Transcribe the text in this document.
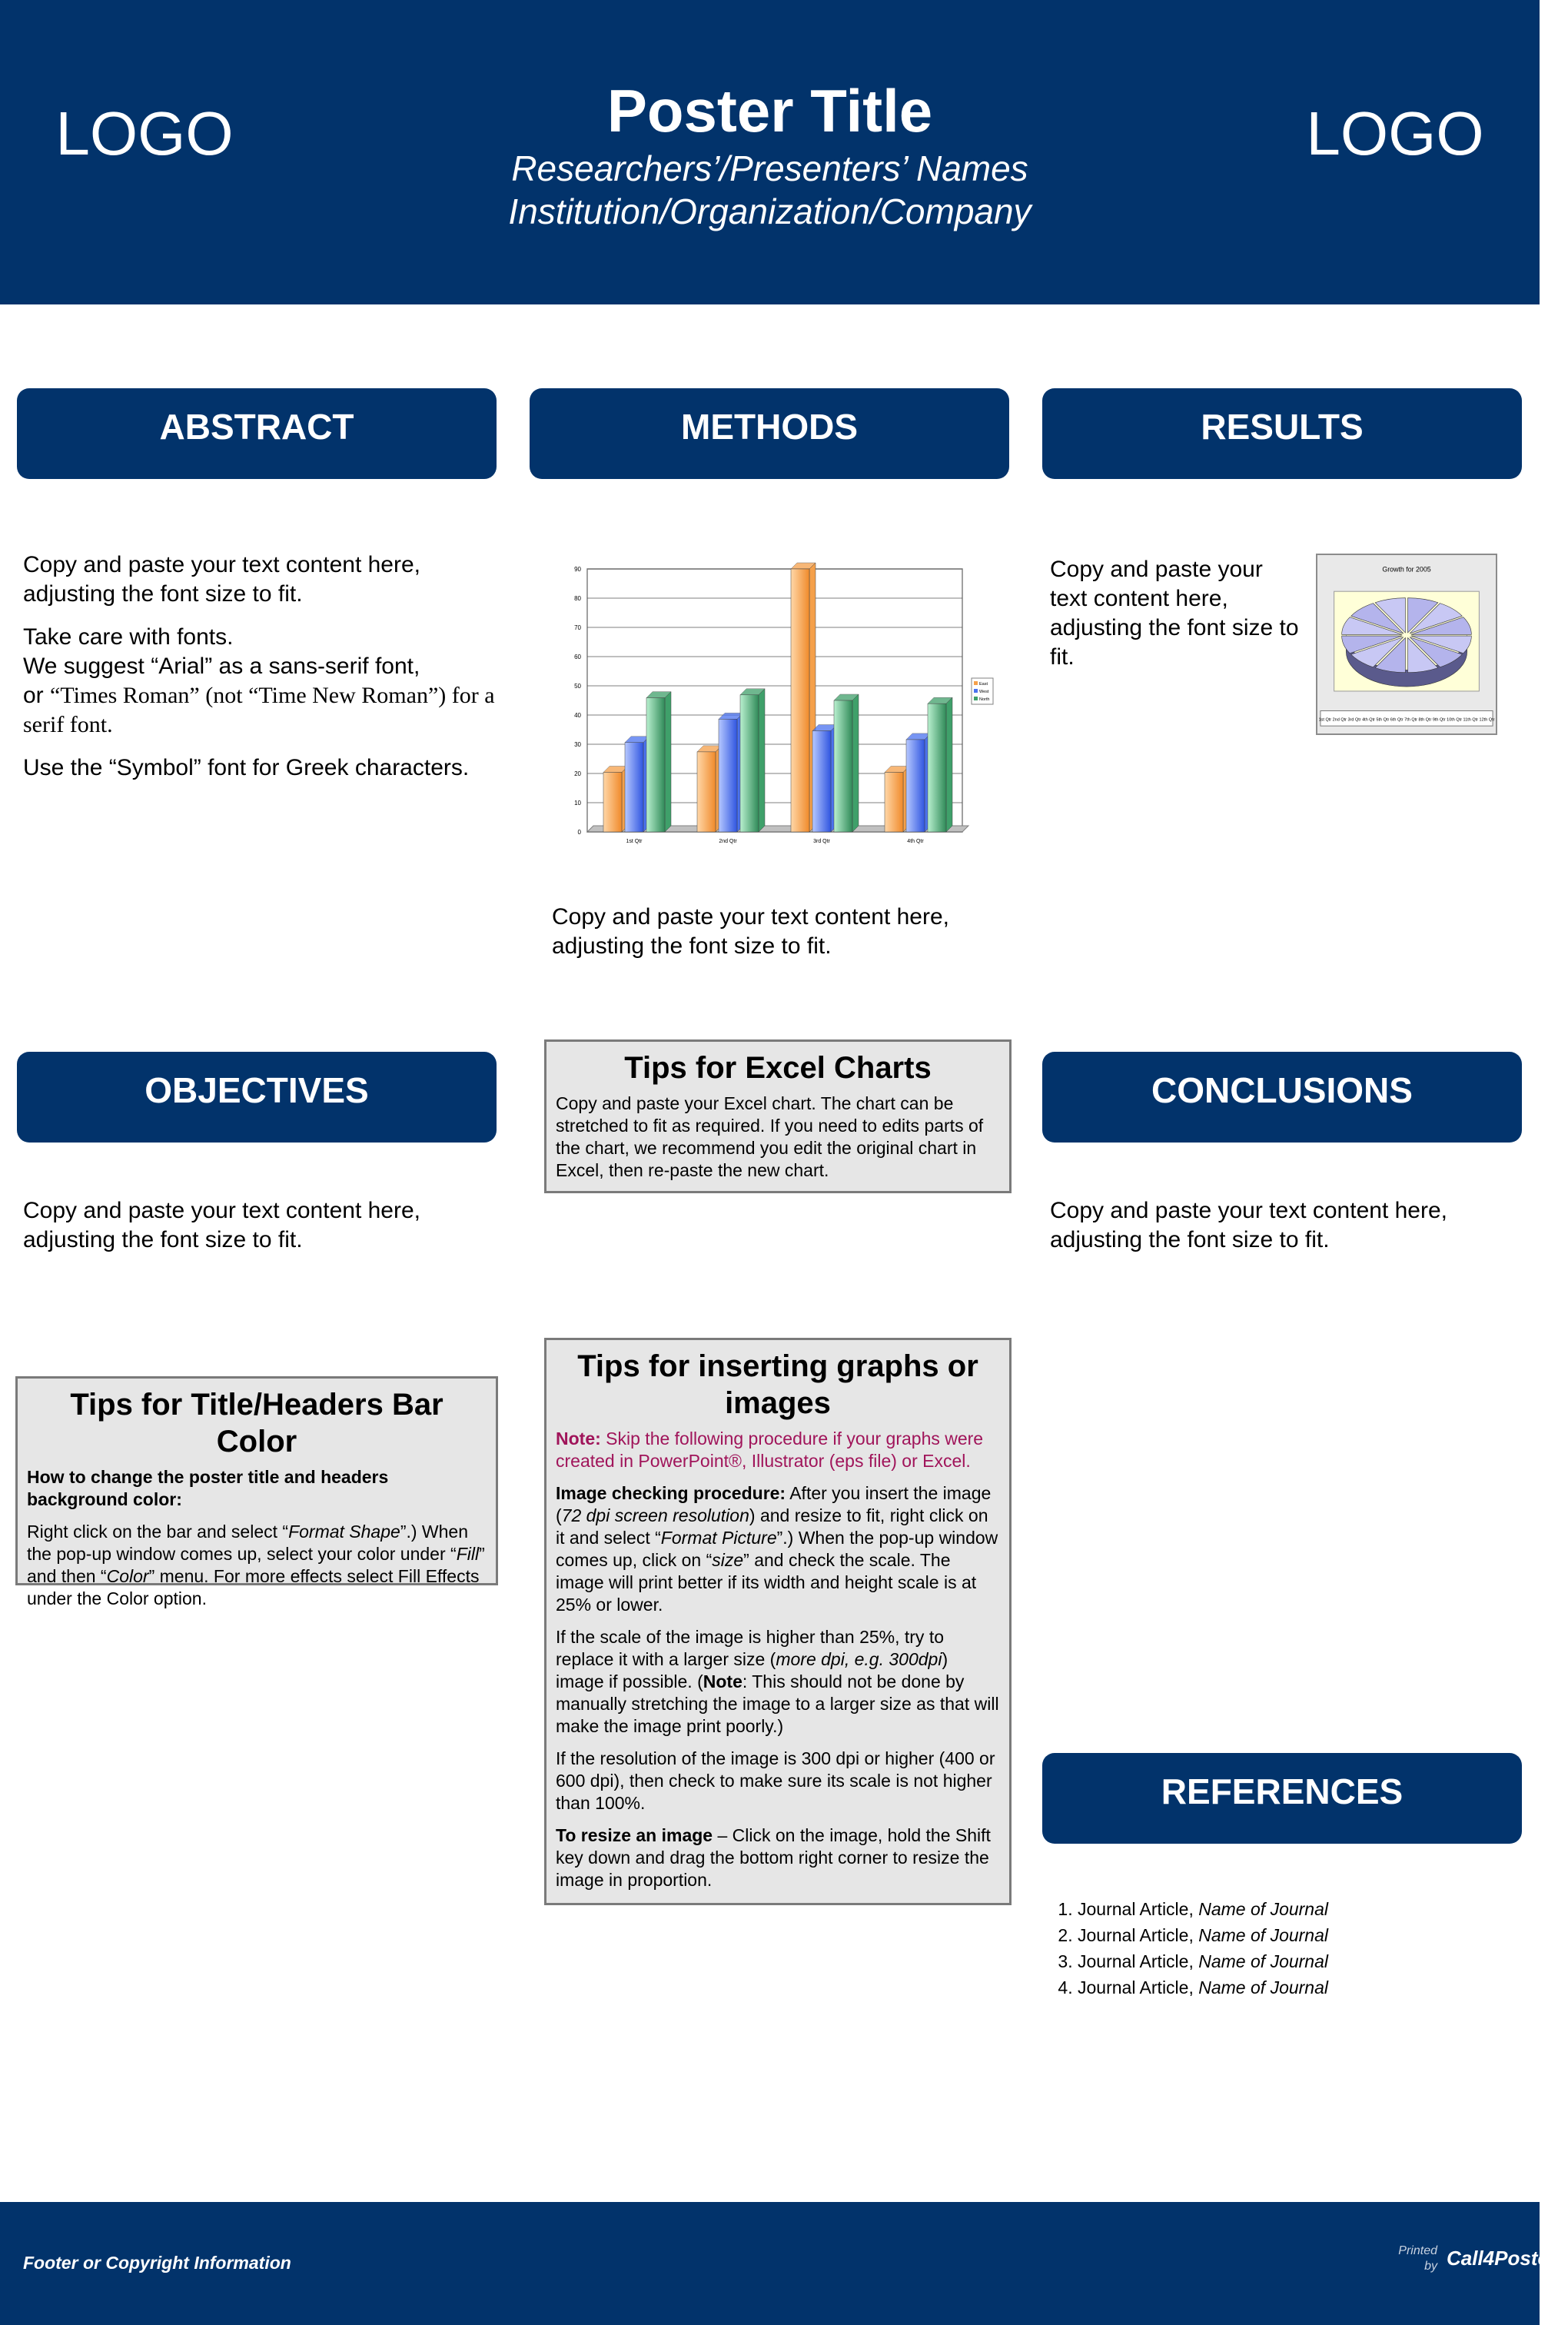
LOGO	LOGO
Poster Title
Researchers’/Presenters’ Names
Institution/Organization/Company
ABSTRACT	METHODS	RESULTS
OBJECTIVES	CONCLUSIONS
REFERENCES

Copy and paste your text content here, adjusting the font size to fit.

Take care with fonts.
We suggest “Arial” as a sans-serif font,
or “Times Roman” (not “Time New Roman”) for a serif font.

Use the “Symbol” font for Greek characters.

0
10
20
30
40
50
60
70
80
90
1st Qtr	2nd Qtr	3rd Qtr	4th Qtr
East
West
North
Copy and paste your text content here, adjusting the font size to fit.
Copy and paste your text content here, adjusting the font size to fit.
Growth for 2005
1st Qtr 2nd Qtr 3rd Qtr 4th Qtr 5th Qtr 6th Qtr 7th Qtr 8th Qtr 9th Qtr 10th Qtr 11th Qtr 12th Qtr
Copy and paste your text content here, adjusting the font size to fit.
Copy and paste your text content here, adjusting the font size to fit.
Tips for Title/Headers Bar Color

How to change the poster title and headers background color:

Right click on the bar and select “Format Shape”.) When the pop-up window comes up, select your color under “Fill” and then “Color” menu. For more effects select Fill Effects under the Color option.

Tips for Excel Charts

Copy and paste your Excel chart. The chart can be stretched to fit as required. If you need to edits parts of the chart, we recommend you edit the original chart in Excel, then re-paste the new chart.

Tips for inserting graphs or images

Note: Skip the following procedure if your graphs were created in PowerPoint®, Illustrator (eps file) or Excel.

Image checking procedure: After you insert the image (72 dpi screen resolution) and resize to fit, right click on it and select “Format Picture”.) When the pop-up window comes up, click on “size” and check the scale. The image will print better if its width and height scale is at 25% or lower.

If the scale of the image is higher than 25%, try to replace it with a larger size (more dpi, e.g. 300dpi) image if possible. (Note: This should not be done by manually stretching the image to a larger size as that will make the image print poorly.)

If the resolution of the image is 300 dpi or higher (400 or 600 dpi), then check to make sure its scale is not higher than 100%.

To resize an image – Click on the image, hold the Shift key down and drag the bottom right corner to resize the image in proportion.

1. Journal Article, Name of Journal
2. Journal Article, Name of Journal
3. Journal Article, Name of Journal
4. Journal Article, Name of Journal
Footer or Copyright Information
Printed by Call4Posters
